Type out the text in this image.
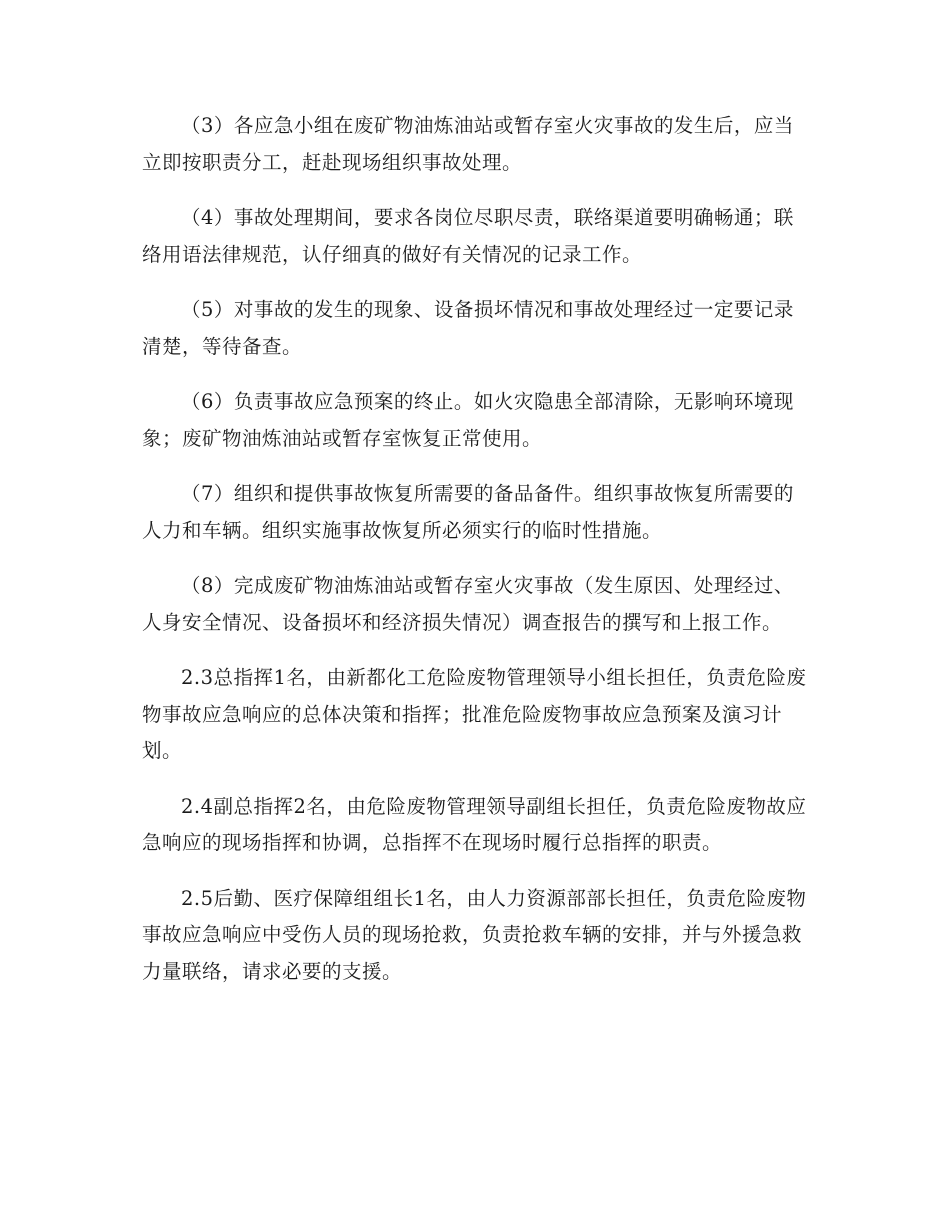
（3）各应急小组在废矿物油炼油站或暂存室火灾事故的发生后，应当立即按职责分工，赶赴现场组织事故处理。

（4）事故处理期间，要求各岗位尽职尽责，联络渠道要明确畅通；联络用语法律规范，认仔细真的做好有关情况的记录工作。

（5）对事故的发生的现象、设备损坏情况和事故处理经过一定要记录清楚，等待备查。

（6）负责事故应急预案的终止。如火灾隐患全部清除，无影响环境现象；废矿物油炼油站或暂存室恢复正常使用。

（7）组织和提供事故恢复所需要的备品备件。组织事故恢复所需要的人力和车辆。组织实施事故恢复所必须实行的临时性措施。

（8）完成废矿物油炼油站或暂存室火灾事故（发生原因、处理经过、人身安全情况、设备损坏和经济损失情况）调查报告的撰写和上报工作。

2.3总指挥1名，由新都化工危险废物管理领导小组长担任，负责危险废物事故应急响应的总体决策和指挥；批准危险废物事故应急预案及演习计划。

2.4副总指挥2名，由危险废物管理领导副组长担任，负责危险废物故应急响应的现场指挥和协调，总指挥不在现场时履行总指挥的职责。

2.5后勤、医疗保障组组长1名，由人力资源部部长担任，负责危险废物事故应急响应中受伤人员的现场抢救，负责抢救车辆的安排，并与外援急救力量联络，请求必要的支援。
